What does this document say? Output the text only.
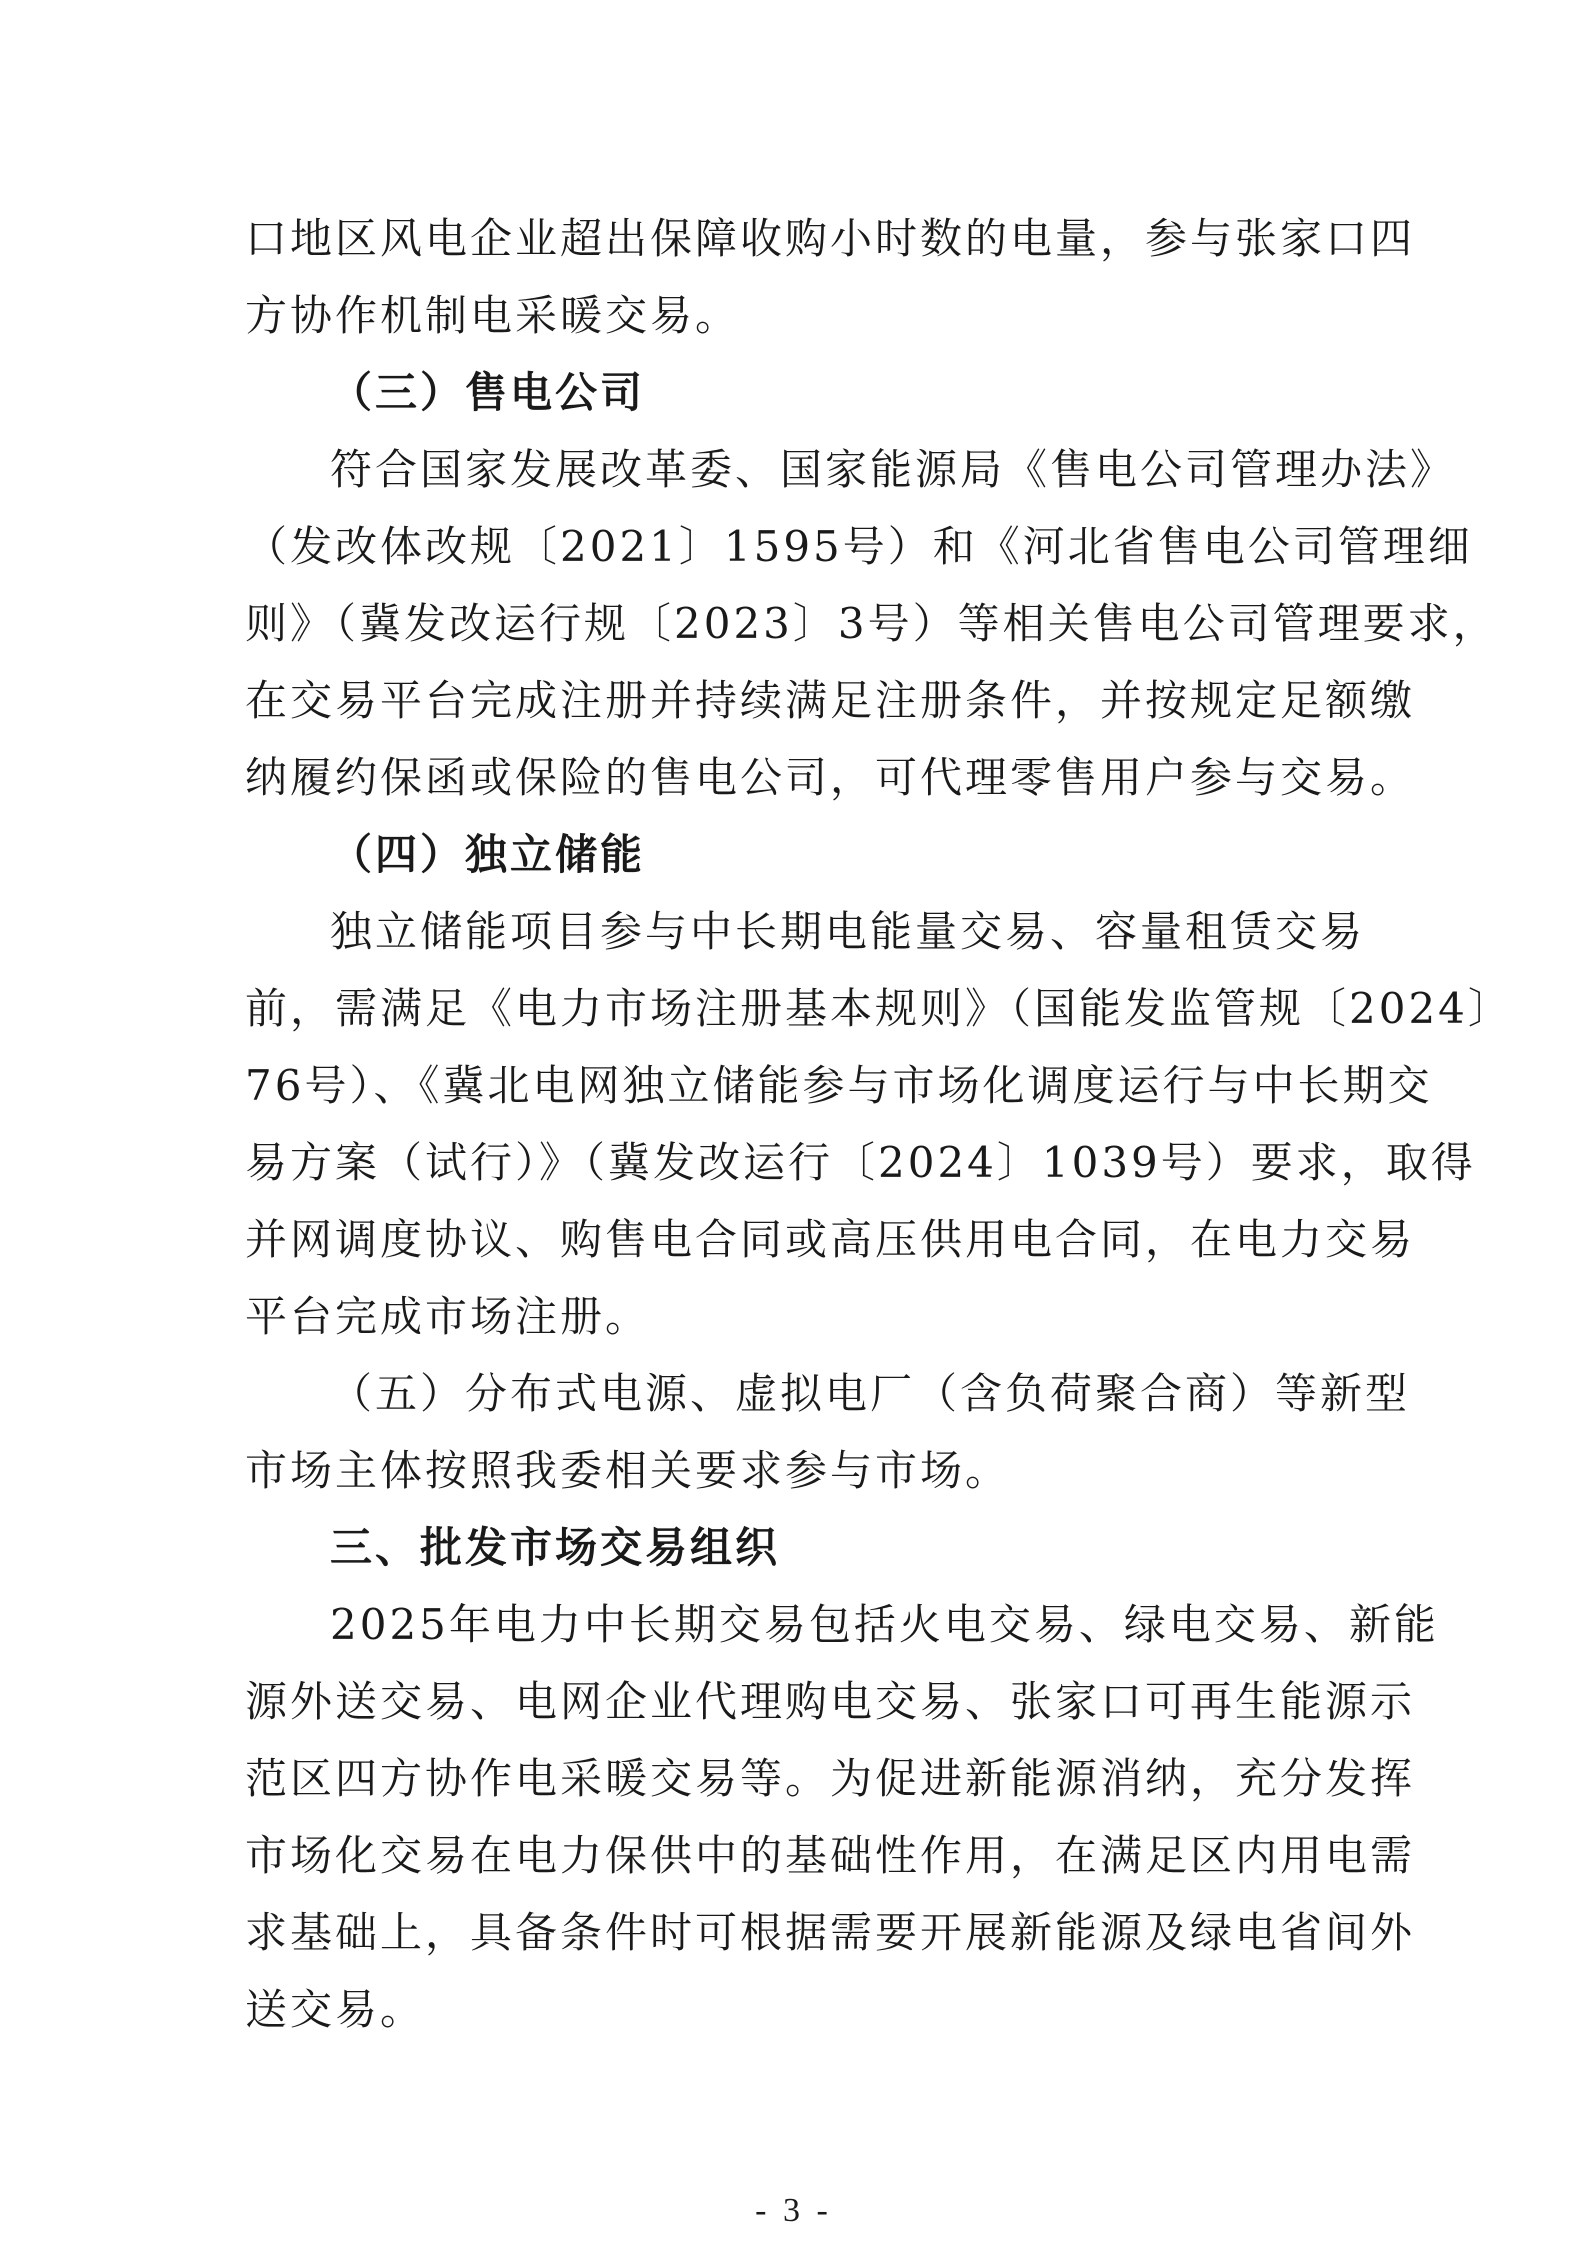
口地区风电企业超出保障收购小时数的电量，参与张家口四
方协作机制电采暖交易。
（三）售电公司
符合国家发展改革委、国家能源局《售电公司管理办法》
（发改体改规〔2021〕1595号）和《河北省售电公司管理细
则》（冀发改运行规〔2023〕3号）等相关售电公司管理要求，
在交易平台完成注册并持续满足注册条件，并按规定足额缴
纳履约保函或保险的售电公司，可代理零售用户参与交易。
（四）独立储能
独立储能项目参与中长期电能量交易、容量租赁交易
前，需满足《电力市场注册基本规则》（国能发监管规〔2024〕
76号）、《冀北电网独立储能参与市场化调度运行与中长期交
易方案（试行）》（冀发改运行〔2024〕1039号）要求，取得
并网调度协议、购售电合同或高压供用电合同，在电力交易
平台完成市场注册。
（五）分布式电源、虚拟电厂（含负荷聚合商）等新型
市场主体按照我委相关要求参与市场。
三、批发市场交易组织
2025年电力中长期交易包括火电交易、绿电交易、新能
源外送交易、电网企业代理购电交易、张家口可再生能源示
范区四方协作电采暖交易等。为促进新能源消纳，充分发挥
市场化交易在电力保供中的基础性作用，在满足区内用电需
求基础上，具备条件时可根据需要开展新能源及绿电省间外
送交易。
- 3 -
